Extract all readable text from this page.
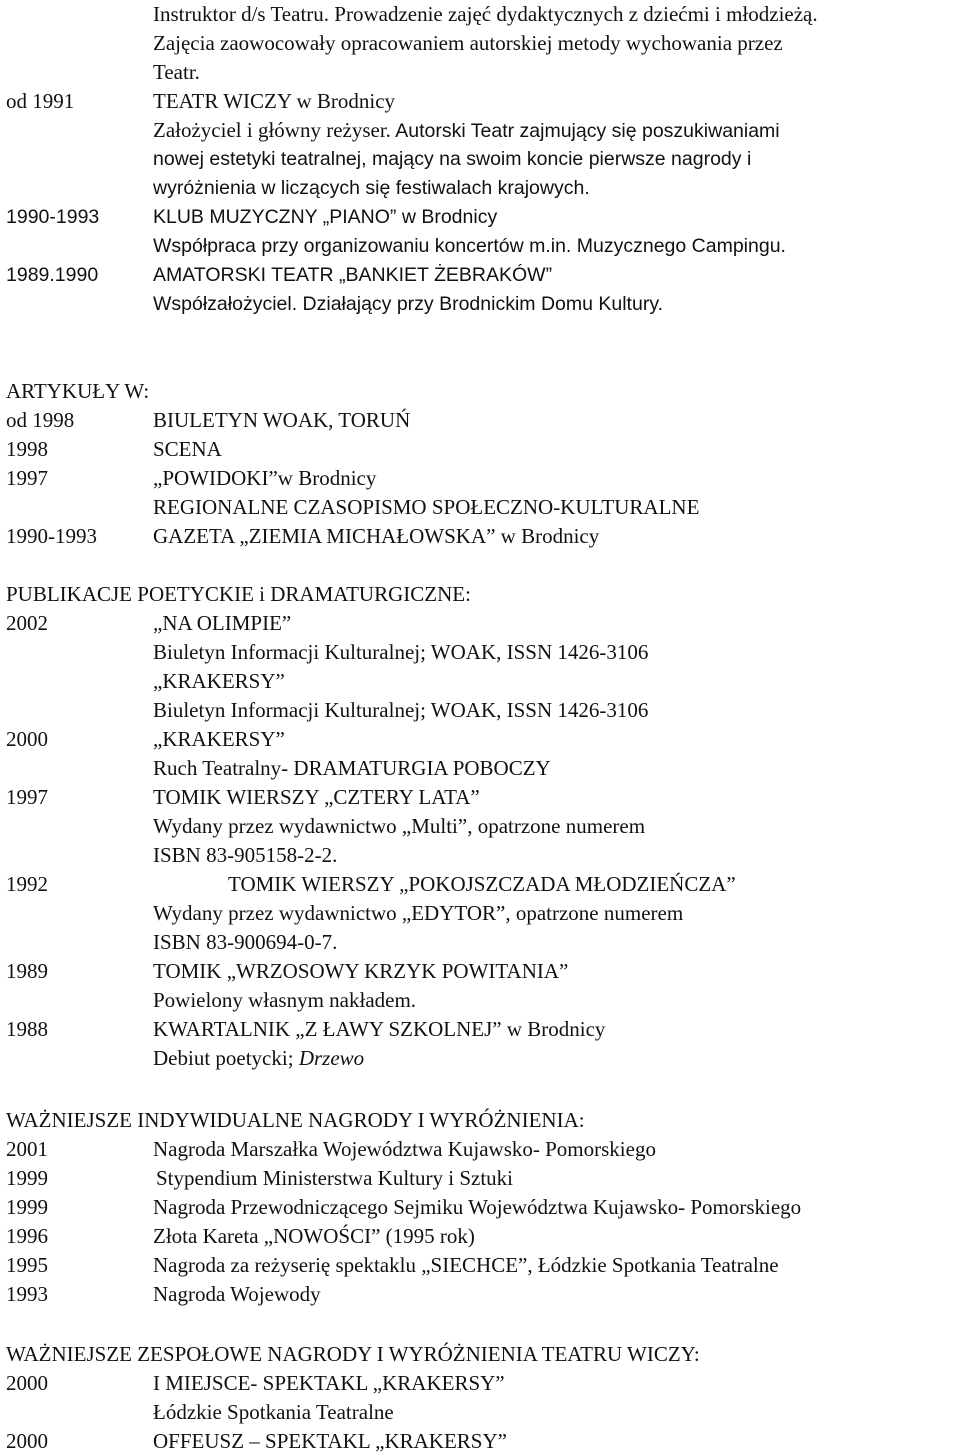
Instruktor d/s Teatru. Prowadzenie zajęć dydaktycznych z dziećmi i młodzieżą.
Zajęcia zaowocowały opracowaniem autorskiej metody wychowania przez
Teatr.
od 1991	TEATR WICZY w Brodnicy
Założyciel i główny reżyser. Autorski Teatr zajmujący się poszukiwaniami
nowej estetyki teatralnej, mający na swoim koncie pierwsze nagrody i
wyróżnienia w liczących się festiwalach krajowych.
1990-1993	KLUB MUZYCZNY „PIANO” w Brodnicy
Współpraca przy organizowaniu koncertów m.in. Muzycznego Campingu.
1989.1990	AMATORSKI TEATR „BANKIET ŻEBRAKÓW”
Współzałożyciel. Działający przy Brodnickim Domu Kultury.
ARTYKUŁY W:
od 1998	BIULETYN WOAK, TORUŃ
1998	SCENA
1997	„POWIDOKI”w Brodnicy
REGIONALNE CZASOPISMO SPOŁECZNO-KULTURALNE
1990-1993	GAZETA „ZIEMIA MICHAŁOWSKA” w Brodnicy
PUBLIKACJE POETYCKIE i DRAMATURGICZNE:
2002	„NA OLIMPIE”
Biuletyn Informacji Kulturalnej; WOAK, ISSN 1426-3106
„KRAKERSY”
Biuletyn Informacji Kulturalnej; WOAK, ISSN 1426-3106
2000	„KRAKERSY”
Ruch Teatralny- DRAMATURGIA POBOCZY
1997	TOMIK WIERSZY „CZTERY LATA”
Wydany przez wydawnictwo „Multi”, opatrzone numerem
ISBN 83-905158-2-2.
1992	TOMIK WIERSZY „POKOJSZCZADA MŁODZIEŃCZA”
Wydany przez wydawnictwo „EDYTOR”, opatrzone numerem
ISBN 83-900694-0-7.
1989	TOMIK „WRZOSOWY KRZYK POWITANIA”
Powielony własnym nakładem.
1988	KWARTALNIK „Z ŁAWY SZKOLNEJ” w Brodnicy
Debiut poetycki; Drzewo
WAŻNIEJSZE INDYWIDUALNE NAGRODY I WYRÓŻNIENIA:
2001	Nagroda Marszałka Województwa Kujawsko- Pomorskiego
1999	Stypendium Ministerstwa Kultury i Sztuki
1999	Nagroda Przewodniczącego Sejmiku Województwa Kujawsko- Pomorskiego
1996	Złota Kareta „NOWOŚCI” (1995 rok)
1995	Nagroda za reżyserię spektaklu „SIECHCE”, Łódzkie Spotkania Teatralne
1993	Nagroda Wojewody
WAŻNIEJSZE ZESPOŁOWE NAGRODY I WYRÓŻNIENIA TEATRU WICZY:
2000	I MIEJSCE- SPEKTAKL „KRAKERSY”
Łódzkie Spotkania Teatralne
2000	OFFEUSZ – SPEKTAKL „KRAKERSY”
